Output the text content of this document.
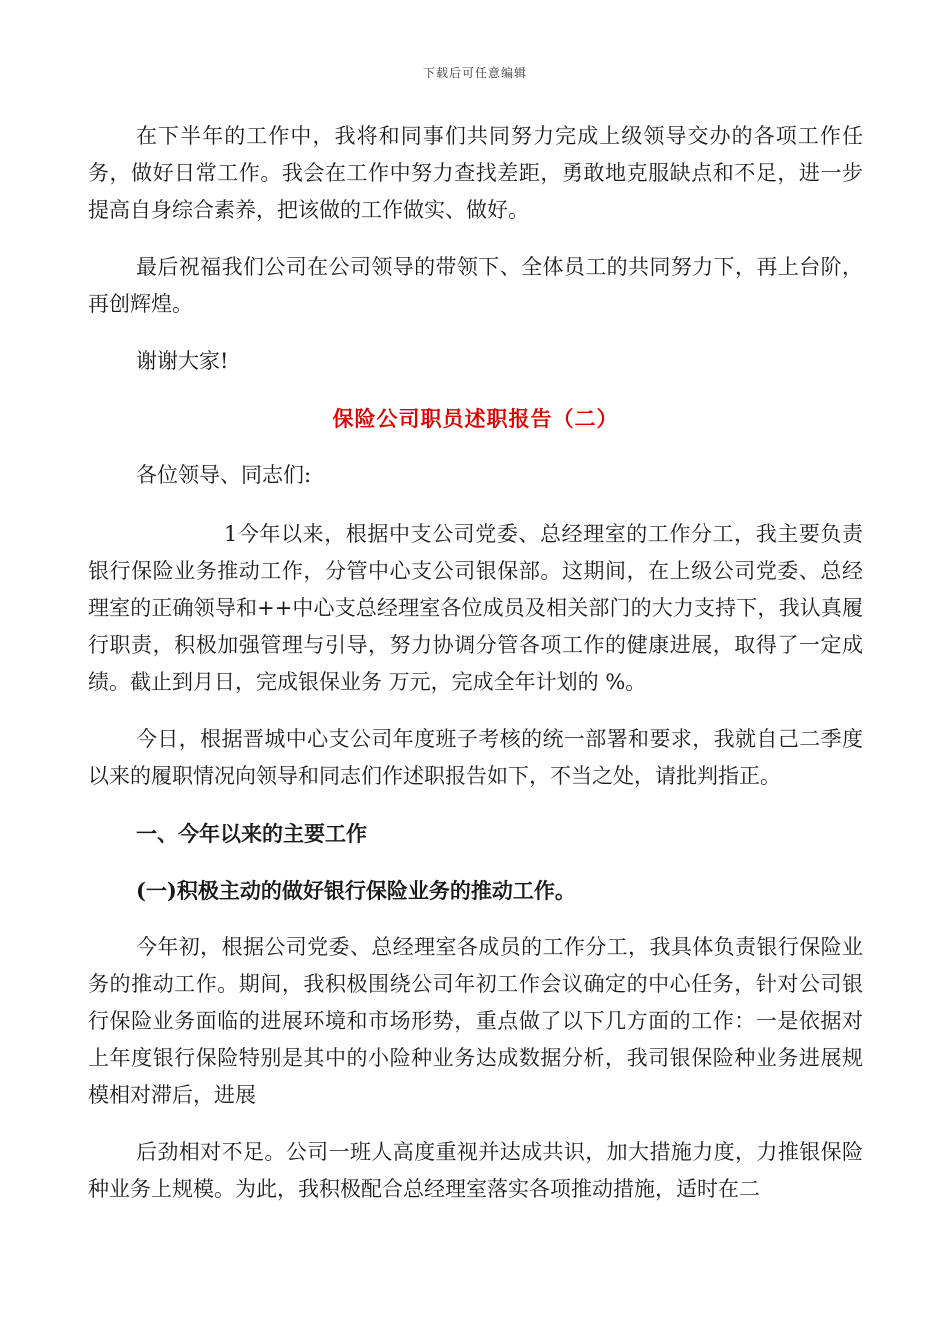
下载后可任意编辑

在下半年的工作中，我将和同事们共同努力完成上级领导交办的各项工作任务，做好日常工作。我会在工作中努力查找差距，勇敢地克服缺点和不足，进一步提高自身综合素养，把该做的工作做实、做好。

最后祝福我们公司在公司领导的带领下、全体员工的共同努力下，再上台阶，再创辉煌。

谢谢大家!

保险公司职员述职报告（二）

各位领导、同志们:

1今年以来，根据中支公司党委、总经理室的工作分工，我主要负责银行保险业务推动工作，分管中心支公司银保部。这期间，在上级公司党委、总经理室的正确领导和++中心支总经理室各位成员及相关部门的大力支持下，我认真履行职责，积极加强管理与引导，努力协调分管各项工作的健康进展，取得了一定成绩。截止到月日，完成银保业务 万元，完成全年计划的 %。

今日，根据晋城中心支公司年度班子考核的统一部署和要求，我就自己二季度以来的履职情况向领导和同志们作述职报告如下，不当之处，请批判指正。

一、今年以来的主要工作

(一)积极主动的做好银行保险业务的推动工作。

今年初，根据公司党委、总经理室各成员的工作分工，我具体负责银行保险业务的推动工作。期间，我积极围绕公司年初工作会议确定的中心任务，针对公司银行保险业务面临的进展环境和市场形势，重点做了以下几方面的工作：一是依据对上年度银行保险特别是其中的小险种业务达成数据分析，我司银保险种业务进展规模相对滞后，进展

后劲相对不足。公司一班人高度重视并达成共识，加大措施力度，力推银保险种业务上规模。为此，我积极配合总经理室落实各项推动措施，适时在二
